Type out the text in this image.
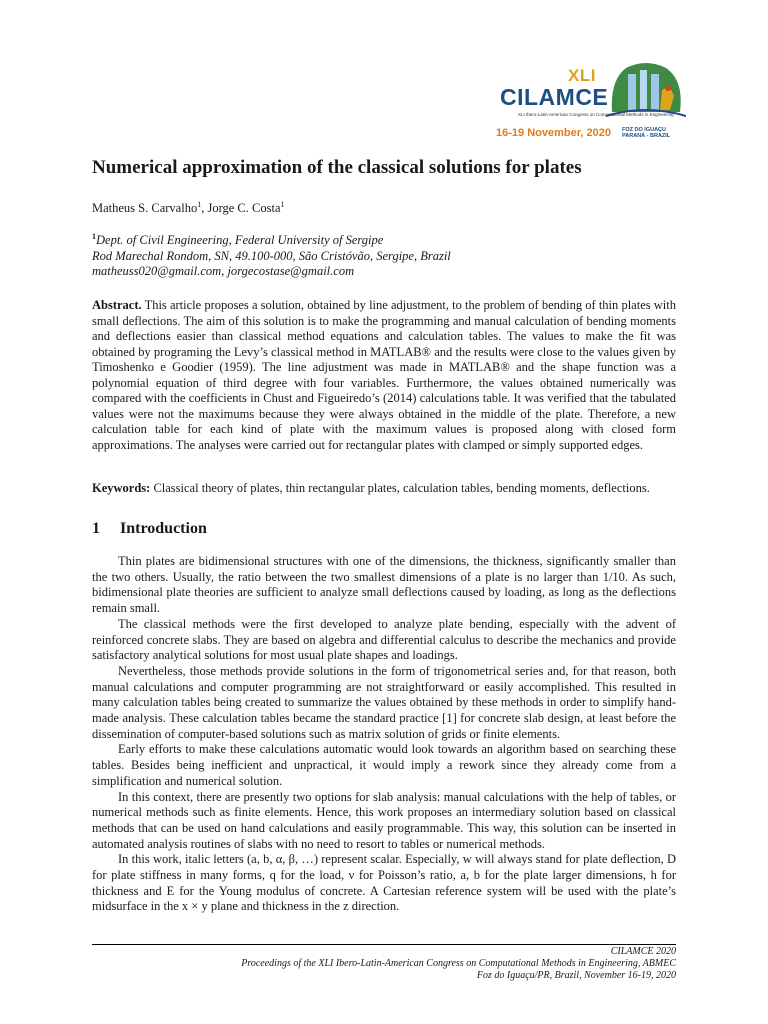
XLI
CILAMCE
XLI Ibero-Latin-American Congress on Computational Methods in Engineering
16-19 November, 2020 FOZ DO IGUAÇU
PARANÁ - BRAZIL
Numerical approximation of the classical solutions for plates
Matheus S. Carvalho$^1$, Jorge C. Costa$^1$
$^1$Dept. of Civil Engineering, Federal University of Sergipe
Rod Marechal Rondom, SN, 49.100-000, São Cristóvão, Sergipe, Brazil
matheuss020@gmail.com, jorgecostase@gmail.com

Abstract. This article proposes a solution, obtained by line adjustment, to the problem of bending of thin plates with small deflections. The aim of this solution is to make the programming and manual calculation of bending moments and deflections easier than classical method equations and calculation tables. The values to make the fit was obtained by programing the Levy’s classical method in MATLAB® and the results were close to the values given by Timoshenko e Goodier (1959). The line adjustment was made in MATLAB® and the shape function was a polynomial equation of third degree with four variables. Furthermore, the values obtained numerically was compared with the coefficients in Chust and Figueiredo’s (2014) calculations table. It was verified that the tabulated values were not the maximums because they were always obtained in the middle of the plate. Therefore, a new calculation table for each kind of plate with the maximum values is proposed along with closed form approximations. The analyses were carried out for rectangular plates with clamped or simply supported edges.

Keywords: Classical theory of plates, thin rectangular plates, calculation tables, bending moments, deflections.

1 Introduction

Thin plates are bidimensional structures with one of the dimensions, the thickness, significantly smaller than the two others. Usually, the ratio between the two smallest dimensions of a plate is no larger than 1/10. As such, bidimensional plate theories are sufficient to analyze small deflections caused by loading, as long as the deflections remain small.

The classical methods were the first developed to analyze plate bending, especially with the advent of reinforced concrete slabs. They are based on algebra and differential calculus to describe the mechanics and provide satisfactory analytical solutions for most usual plate shapes and loadings.

Nevertheless, those methods provide solutions in the form of trigonometrical series and, for that reason, both manual calculations and computer programming are not straightforward or easily accomplished. This resulted in many calculation tables being created to summarize the values obtained by these methods in order to simplify hand-made analysis. These calculation tables became the standard practice [1] for concrete slab design, at least before the dissemination of computer-based solutions such as matrix solution of grids or finite elements.

Early efforts to make these calculations automatic would look towards an algorithm based on searching these tables. Besides being inefficient and unpractical, it would imply a rework since they already come from a simplification and numerical solution.

In this context, there are presently two options for slab analysis: manual calculations with the help of tables, or numerical methods such as finite elements. Hence, this work proposes an intermediary solution based on classical methods that can be used on hand calculations and easily programmable. This way, this solution can be inserted in automated analysis routines of slabs with no need to resort to tables or numerical methods.

In this work, italic letters (a, b, α, β, …) represent scalar. Especially, w will always stand for plate deflection, D for plate stiffness in many forms, q for the load, ν for Poisson’s ratio, a, b for the plate larger dimensions, h for thickness and E for the Young modulus of concrete. A Cartesian reference system will be used with the plate’s midsurface in the x × y plane and thickness in the z direction.

CILAMCE 2020
Proceedings of the XLI Ibero-Latin-American Congress on Computational Methods in Engineering, ABMEC
Foz do Iguaçu/PR, Brazil, November 16-19, 2020
